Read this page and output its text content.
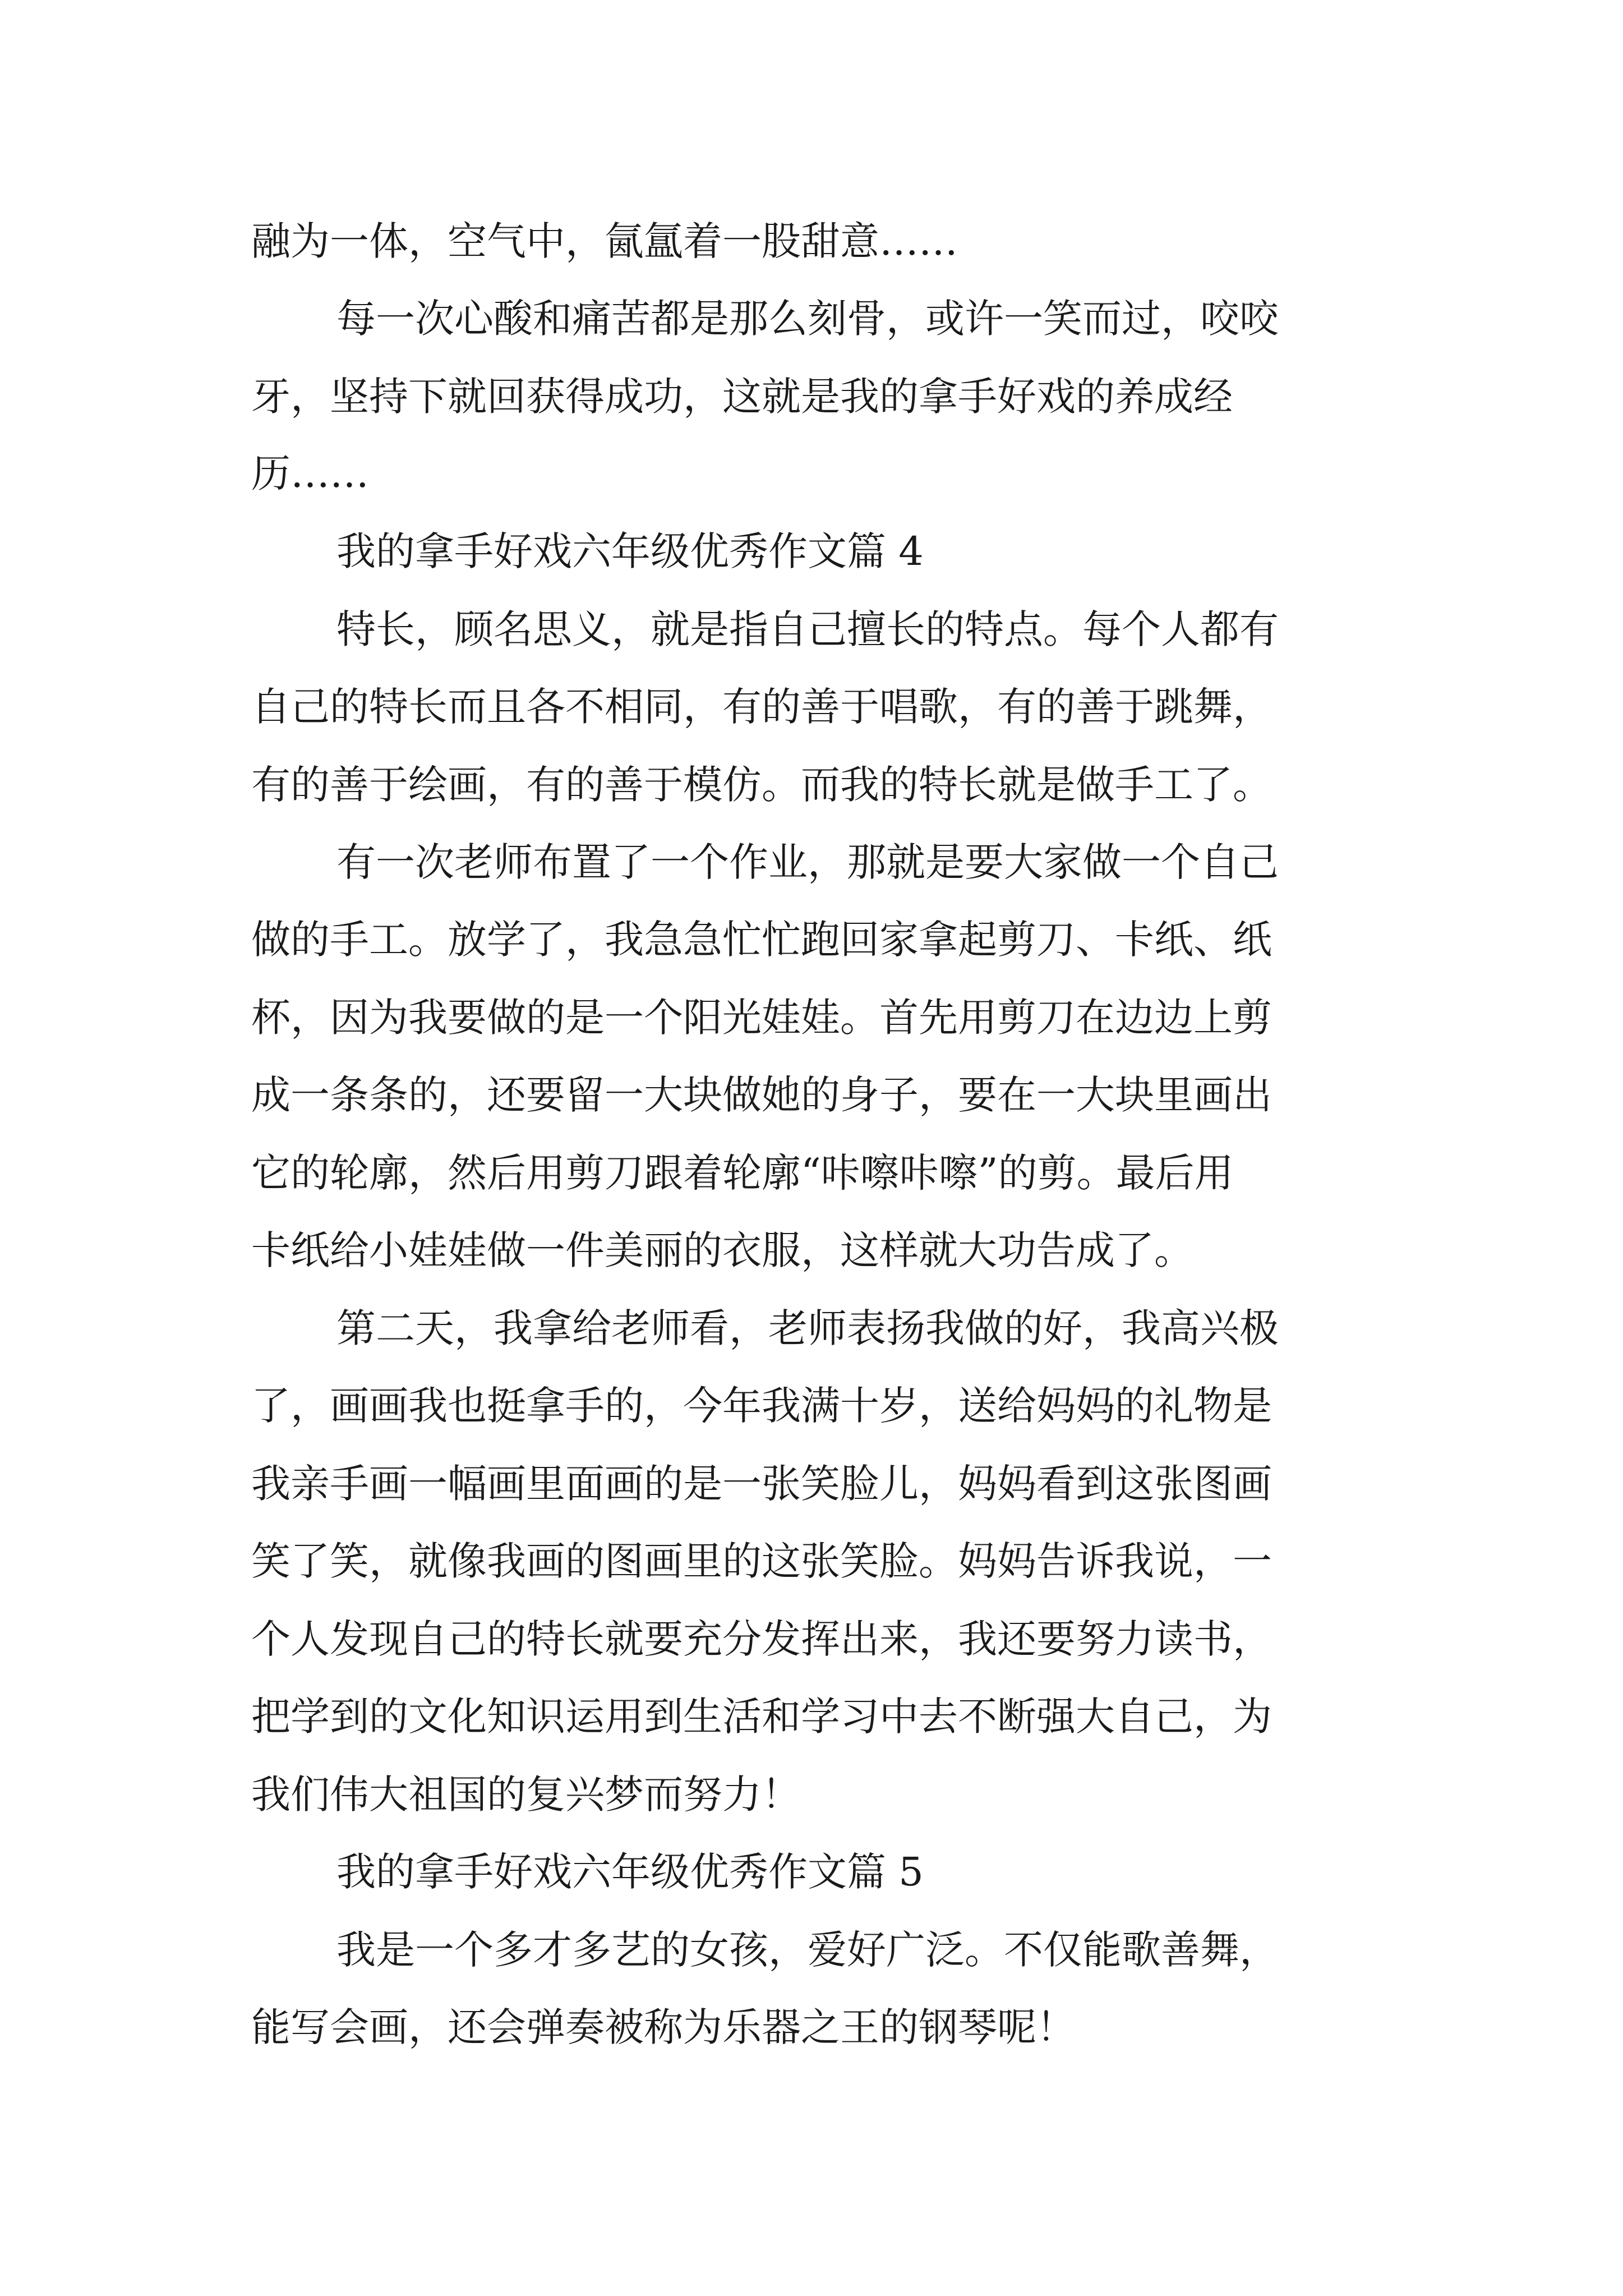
融为一体，空气中，氤氲着一股甜意……
每一次心酸和痛苦都是那么刻骨，或许一笑而过，咬咬
牙，坚持下就回获得成功，这就是我的拿手好戏的养成经
历……
我的拿手好戏六年级优秀作文篇 4
特长，顾名思义，就是指自己擅长的特点。每个人都有
自己的特长而且各不相同，有的善于唱歌，有的善于跳舞，
有的善于绘画，有的善于模仿。而我的特长就是做手工了。
有一次老师布置了一个作业，那就是要大家做一个自己
做的手工。放学了，我急急忙忙跑回家拿起剪刀、卡纸、纸
杯，因为我要做的是一个阳光娃娃。首先用剪刀在边边上剪
成一条条的，还要留一大块做她的身子，要在一大块里画出
它的轮廓，然后用剪刀跟着轮廓“咔嚓咔嚓”的剪。最后用
卡纸给小娃娃做一件美丽的衣服，这样就大功告成了。
第二天，我拿给老师看，老师表扬我做的好，我高兴极
了，画画我也挺拿手的，今年我满十岁，送给妈妈的礼物是
我亲手画一幅画里面画的是一张笑脸儿，妈妈看到这张图画
笑了笑，就像我画的图画里的这张笑脸。妈妈告诉我说，一
个人发现自己的特长就要充分发挥出来，我还要努力读书，
把学到的文化知识运用到生活和学习中去不断强大自己，为
我们伟大祖国的复兴梦而努力！
我的拿手好戏六年级优秀作文篇 5
我是一个多才多艺的女孩，爱好广泛。不仅能歌善舞，
能写会画，还会弹奏被称为乐器之王的钢琴呢！
